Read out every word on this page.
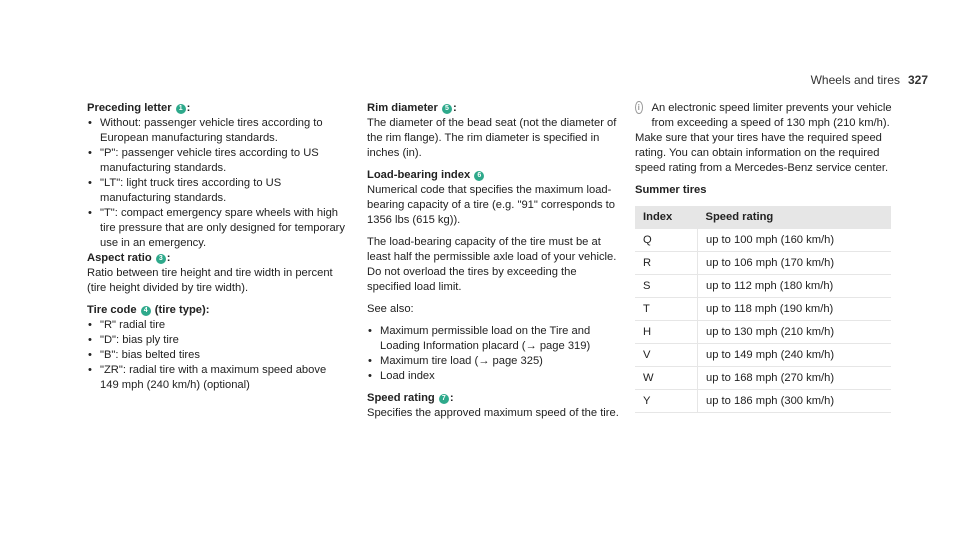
Wheels and tires 327

Preceding letter 1 :

• Without: passenger vehicle tires according to European manufacturing standards.
• "P": passenger vehicle tires according to US manufacturing standards.
• "LT": light truck tires according to US manufacturing standards.
• "T": compact emergency spare wheels with high tire pressure that are only designed for temporary use in an emergency.

Aspect ratio 3 :

Ratio between tire height and tire width in percent (tire height divided by tire width).

Tire code 4 (tire type):

• "R" radial tire
• "D": bias ply tire
• "B": bias belted tires
• "ZR": radial tire with a maximum speed above 149 mph (240 km/h) (optional)

Rim diameter 5 :

The diameter of the bead seat (not the diameter of the rim flange). The rim diameter is specified in inches (in).

Load-bearing index 6

Numerical code that specifies the maximum load-bearing capacity of a tire (e.g. "91" corresponds to 1356 lbs (615 kg)).

The load-bearing capacity of the tire must be at least half the permissible axle load of your vehicle. Do not overload the tires by exceeding the specified load limit.

See also:

• Maximum permissible load on the Tire and Loading Information placard (→ page 319)
• Maximum tire load (→ page 325)
• Load index

Speed rating 7 :

Specifies the approved maximum speed of the tire.

i An electronic speed limiter prevents your vehicle from exceeding a speed of 130 mph (210 km/h).

Make sure that your tires have the required speed rating. You can obtain information on the required speed rating from a Mercedes-Benz service center.

Summer tires

Index	Speed rating
Q	up to 100 mph (160 km/h)
R	up to 106 mph (170 km/h)
S	up to 112 mph (180 km/h)
T	up to 118 mph (190 km/h)
H	up to 130 mph (210 km/h)
V	up to 149 mph (240 km/h)
W	up to 168 mph (270 km/h)
Y	up to 186 mph (300 km/h)
